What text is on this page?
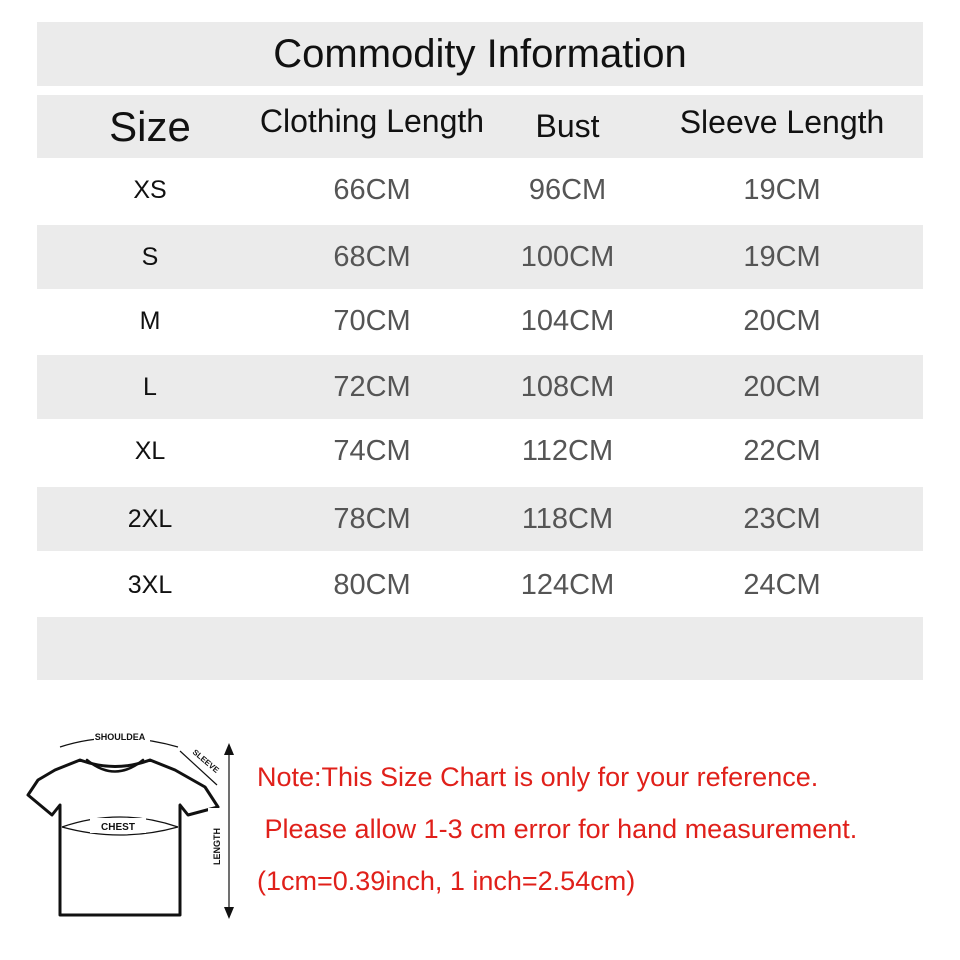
Commodity Information
Size	Clothing Length	Bust	Sleeve Length
XS	66CM	96CM	19CM
S	68CM	100CM	19CM
M	70CM	104CM	20CM
L	72CM	108CM	20CM
XL	74CM	112CM	22CM
2XL	78CM	118CM	23CM
3XL	80CM	124CM	24CM
SHOULDEA
SLEEVE
CHEST
LENGTH
Note:This Size Chart is only for your reference.
Please allow 1-3 cm error for hand measurement.
(1cm=0.39inch, 1 inch=2.54cm)
